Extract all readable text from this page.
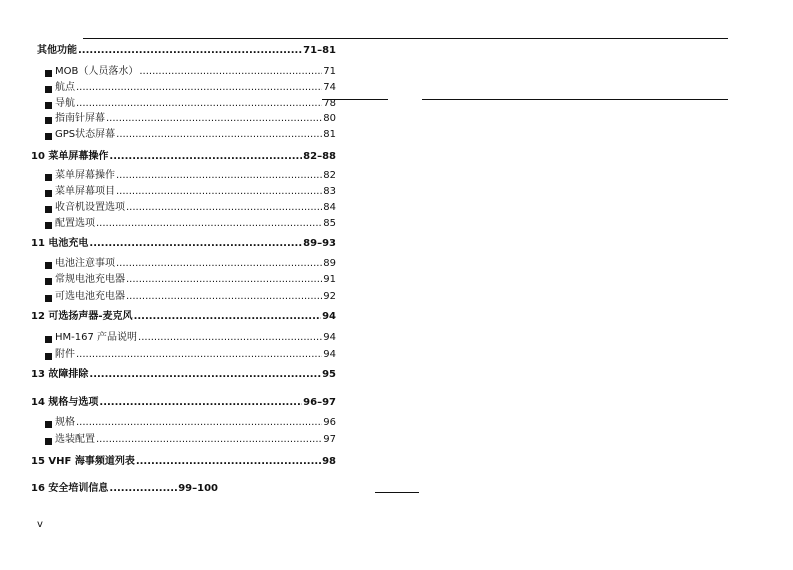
其他功能 .....	71–81
MOB（人员落水） .....	71
航点 .....	74
导航 .....	78
指南针屏幕 .....	80
GPS状态屏幕 .....	81
10 菜单屏幕操作 .....	82–88
菜单屏幕操作 .....	82
菜单屏幕项目 .....	83
收音机设置选项 .....	84
配置选项 .....	85
11 电池充电 .....	89–93
电池注意事项 .....	89
常规电池充电器 .....	91
可选电池充电器 .....	92
12 可选扬声器-麦克风 .....	94
HM-167 产品说明 .....	94
附件 .....	94
13 故障排除 .....	95
14 规格与选项 .....	96–97
规格 .....	96
选装配置 .....	97
15 VHF 海事频道列表 .....	98
16 安全培训信息 .....	99–100
v
